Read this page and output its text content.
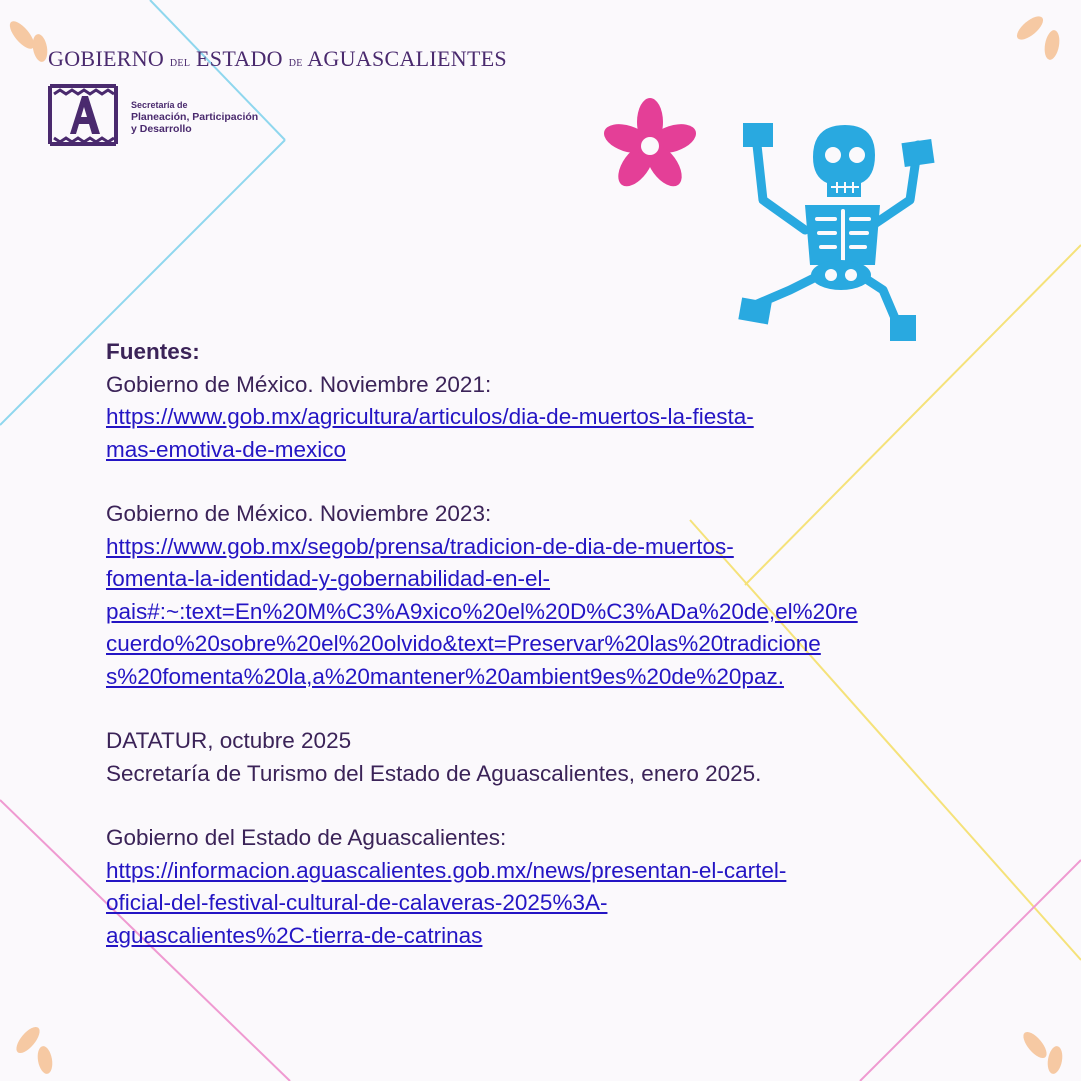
GOBIERNO DEL ESTADO DE AGUASCALIENTES
Secretaría de
Planeación, Participación
y Desarrollo
Fuentes:
Gobierno de México. Noviembre 2021:
https://www.gob.mx/agricultura/articulos/dia-de-muertos-la-fiesta-
mas-emotiva-de-mexico
Gobierno de México. Noviembre 2023:
https://www.gob.mx/segob/prensa/tradicion-de-dia-de-muertos-
fomenta-la-identidad-y-gobernabilidad-en-el-
pais#:~:text=En%20M%C3%A9xico%20el%20D%C3%ADa%20de,el%20re
cuerdo%20sobre%20el%20olvido&text=Preservar%20las%20tradicione
s%20fomenta%20la,a%20mantener%20ambient9es%20de%20paz.
DATATUR, octubre 2025
Secretaría de Turismo del Estado de Aguascalientes, enero 2025.
Gobierno del Estado de Aguascalientes:
https://informacion.aguascalientes.gob.mx/news/presentan-el-cartel-
oficial-del-festival-cultural-de-calaveras-2025%3A-
aguascalientes%2C-tierra-de-catrinas
